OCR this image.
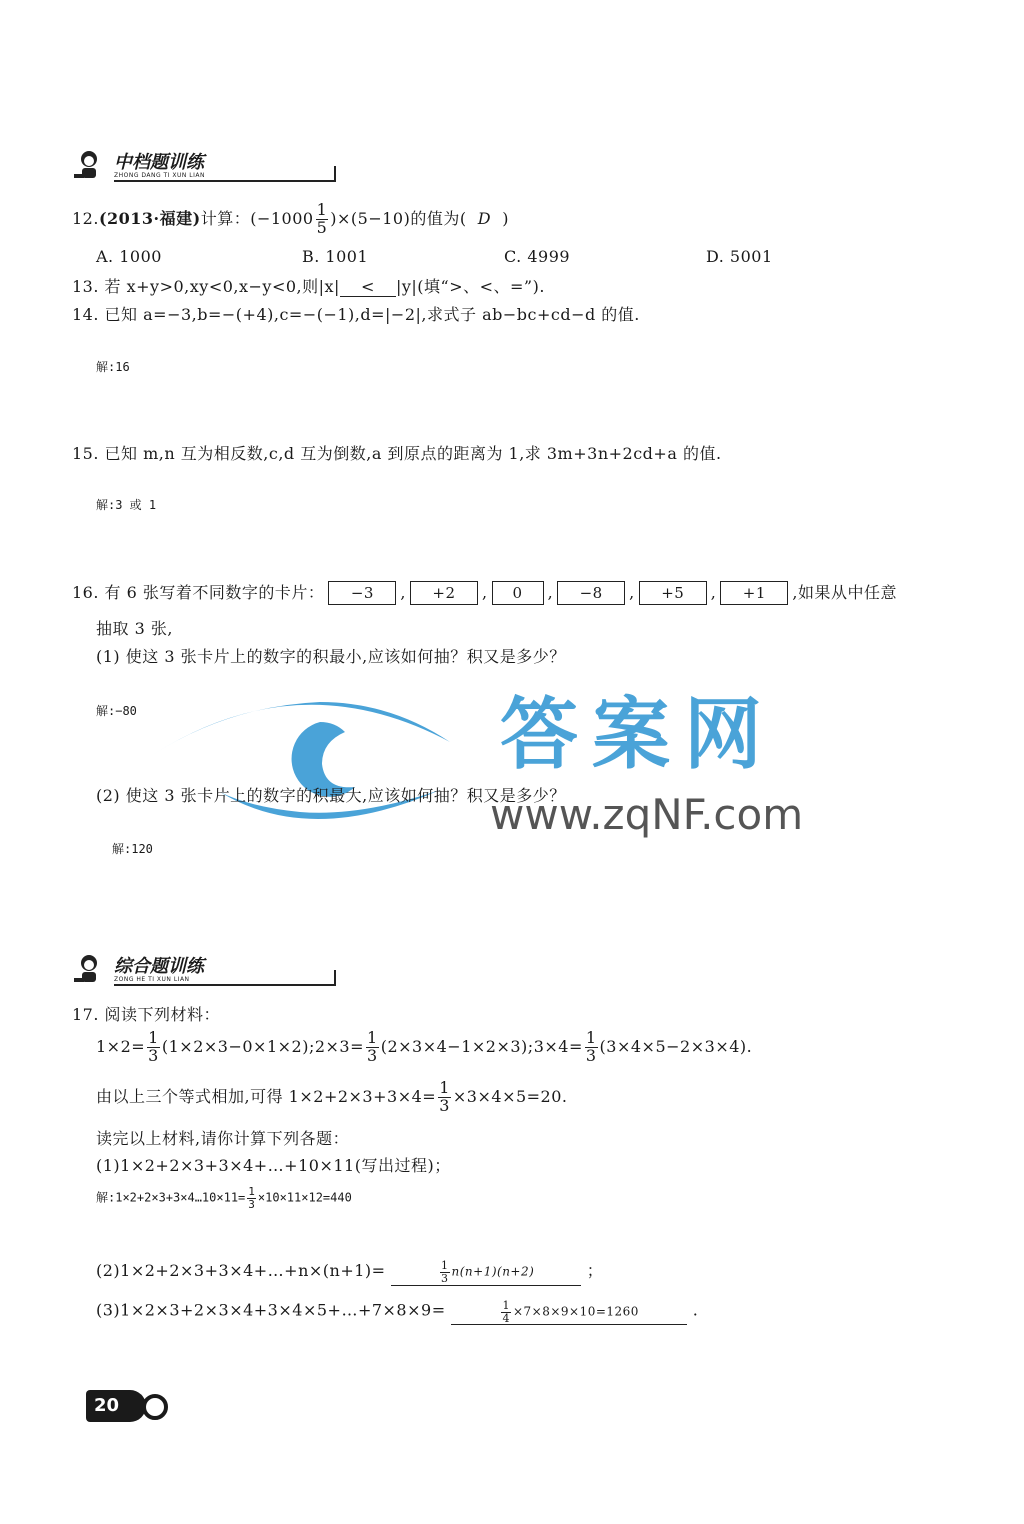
中档题训练
ZHONG DANG TI XUN LIAN
12.(2013·福建)计算：$(-1000 \frac{1}{5} )\times(5-10)$的值为( D )
A. 1000	B. 1001	C. 4999	D. 5001
13. 若 x+y>0,xy<0,x−y<0,则|x| < |y|(填“>、<、=”).
14. 已知 a=−3,b=−(+4),c=−(−1),d=|−2|,求式子 ab−bc+cd−d 的值.
解:16
15. 已知 m,n 互为相反数,c,d 互为倒数,a 到原点的距离为 1,求 3m+3n+2cd+a 的值.
解:3 或 1
16. 有 6 张写着不同数字的卡片： −3 , +2 , 0 , −8 , +5 , +1 ,如果从中任意
抽取 3 张,
(1) 使这 3 张卡片上的数字的积最小,应该如何抽？积又是多少？
解:−80	答案网
www.zqNF.com
(2) 使这 3 张卡片上的数字的积最大,应该如何抽？积又是多少？
解:120
综合题训练
ZONG HE TI XUN LIAN
17. 阅读下列材料：
$1\times 2= \frac{1}{3}$ (1×2×3−0×1×2);2×3= $\frac{1}{3}$ (2×3×4−1×2×3);3×4= $\frac{1}{3} (3\times 4\times 5-2\times 3\times 4)$.
由以上三个等式相加,可得 $1\times 2+2\times 3+3\times 4= \frac{1}{3} \times 3\times 4\times 5=20$.
读完以上材料,请你计算下列各题：
(1)1×2+2×3+3×4+…+10×11(写出过程)；
解:1×2+2×3+3×4…10×11= $\frac{1}{3} \times 10\times 11\times 12=440$
(2)1×2+2×3+3×4+…+n×(n+1)=	$\frac{1}{3} n(n+1)(n+2)$	；
(3)1×2×3+2×3×4+3×4×5+…+7×8×9=	$\frac{1}{4} \times 7\times 8\times 9\times 10=1260$	.
20
